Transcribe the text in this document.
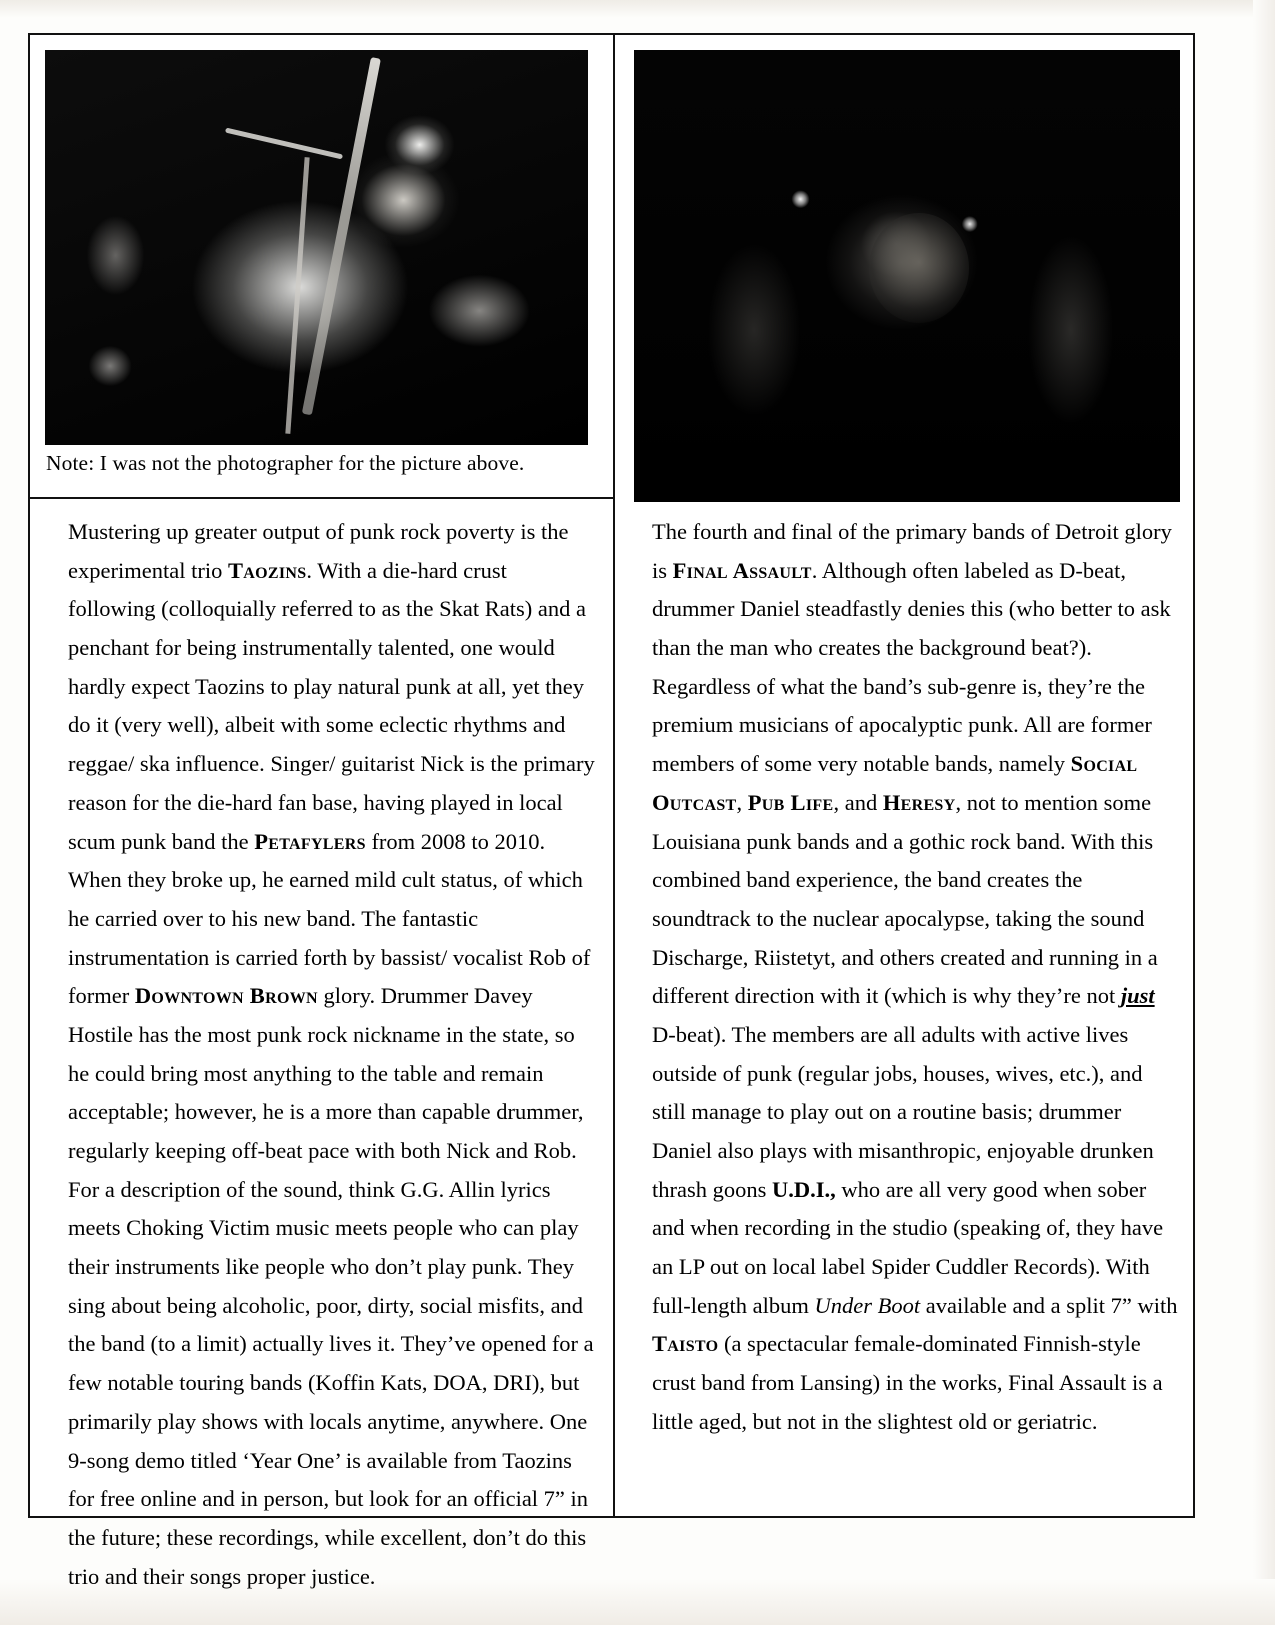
Note: I was not the photographer for the picture above.

Mustering up greater output of punk rock poverty is the experimental trio Taozins. With a die-hard crust following (colloquially referred to as the Skat Rats) and a penchant for being instrumentally talented, one would hardly expect Taozins to play natural punk at all, yet they do it (very well), albeit with some eclectic rhythms and reggae/ ska influence. Singer/ guitarist Nick is the primary reason for the die-hard fan base, having played in local scum punk band the Petafylers from 2008 to 2010. When they broke up, he earned mild cult status, of which he carried over to his new band. The fantastic instrumentation is carried forth by bassist/ vocalist Rob of former Downtown Brown glory. Drummer Davey Hostile has the most punk rock nickname in the state, so he could bring most anything to the table and remain acceptable; however, he is a more than capable drummer, regularly keeping off-beat pace with both Nick and Rob. For a description of the sound, think G.G. Allin lyrics meets Choking Victim music meets people who can play their instruments like people who don’t play punk. They sing about being alcoholic, poor, dirty, social misfits, and the band (to a limit) actually lives it. They’ve opened for a few notable touring bands (Koffin Kats, DOA, DRI), but primarily play shows with locals anytime, anywhere. One 9-song demo titled ‘Year One’ is available from Taozins for free online and in person, but look for an official 7” in the future; these recordings, while excellent, don’t do this trio and their songs proper justice.

The fourth and final of the primary bands of Detroit glory is Final Assault. Although often labeled as D-beat, drummer Daniel steadfastly denies this (who better to ask than the man who creates the background beat?). Regardless of what the band’s sub-genre is, they’re the premium musicians of apocalyptic punk. All are former members of some very notable bands, namely Social Outcast, Pub Life, and Heresy, not to mention some Louisiana punk bands and a gothic rock band. With this combined band experience, the band creates the soundtrack to the nuclear apocalypse, taking the sound Discharge, Riistetyt, and others created and running in a different direction with it (which is why they’re not just D-beat). The members are all adults with active lives outside of punk (regular jobs, houses, wives, etc.), and still manage to play out on a routine basis; drummer Daniel also plays with misanthropic, enjoyable drunken thrash goons U.D.I., who are all very good when sober and when recording in the studio (speaking of, they have an LP out on local label Spider Cuddler Records). With full-length album Under Boot available and a split 7” with Taisto (a spectacular female-dominated Finnish-style crust band from Lansing) in the works, Final Assault is a little aged, but not in the slightest old or geriatric.
